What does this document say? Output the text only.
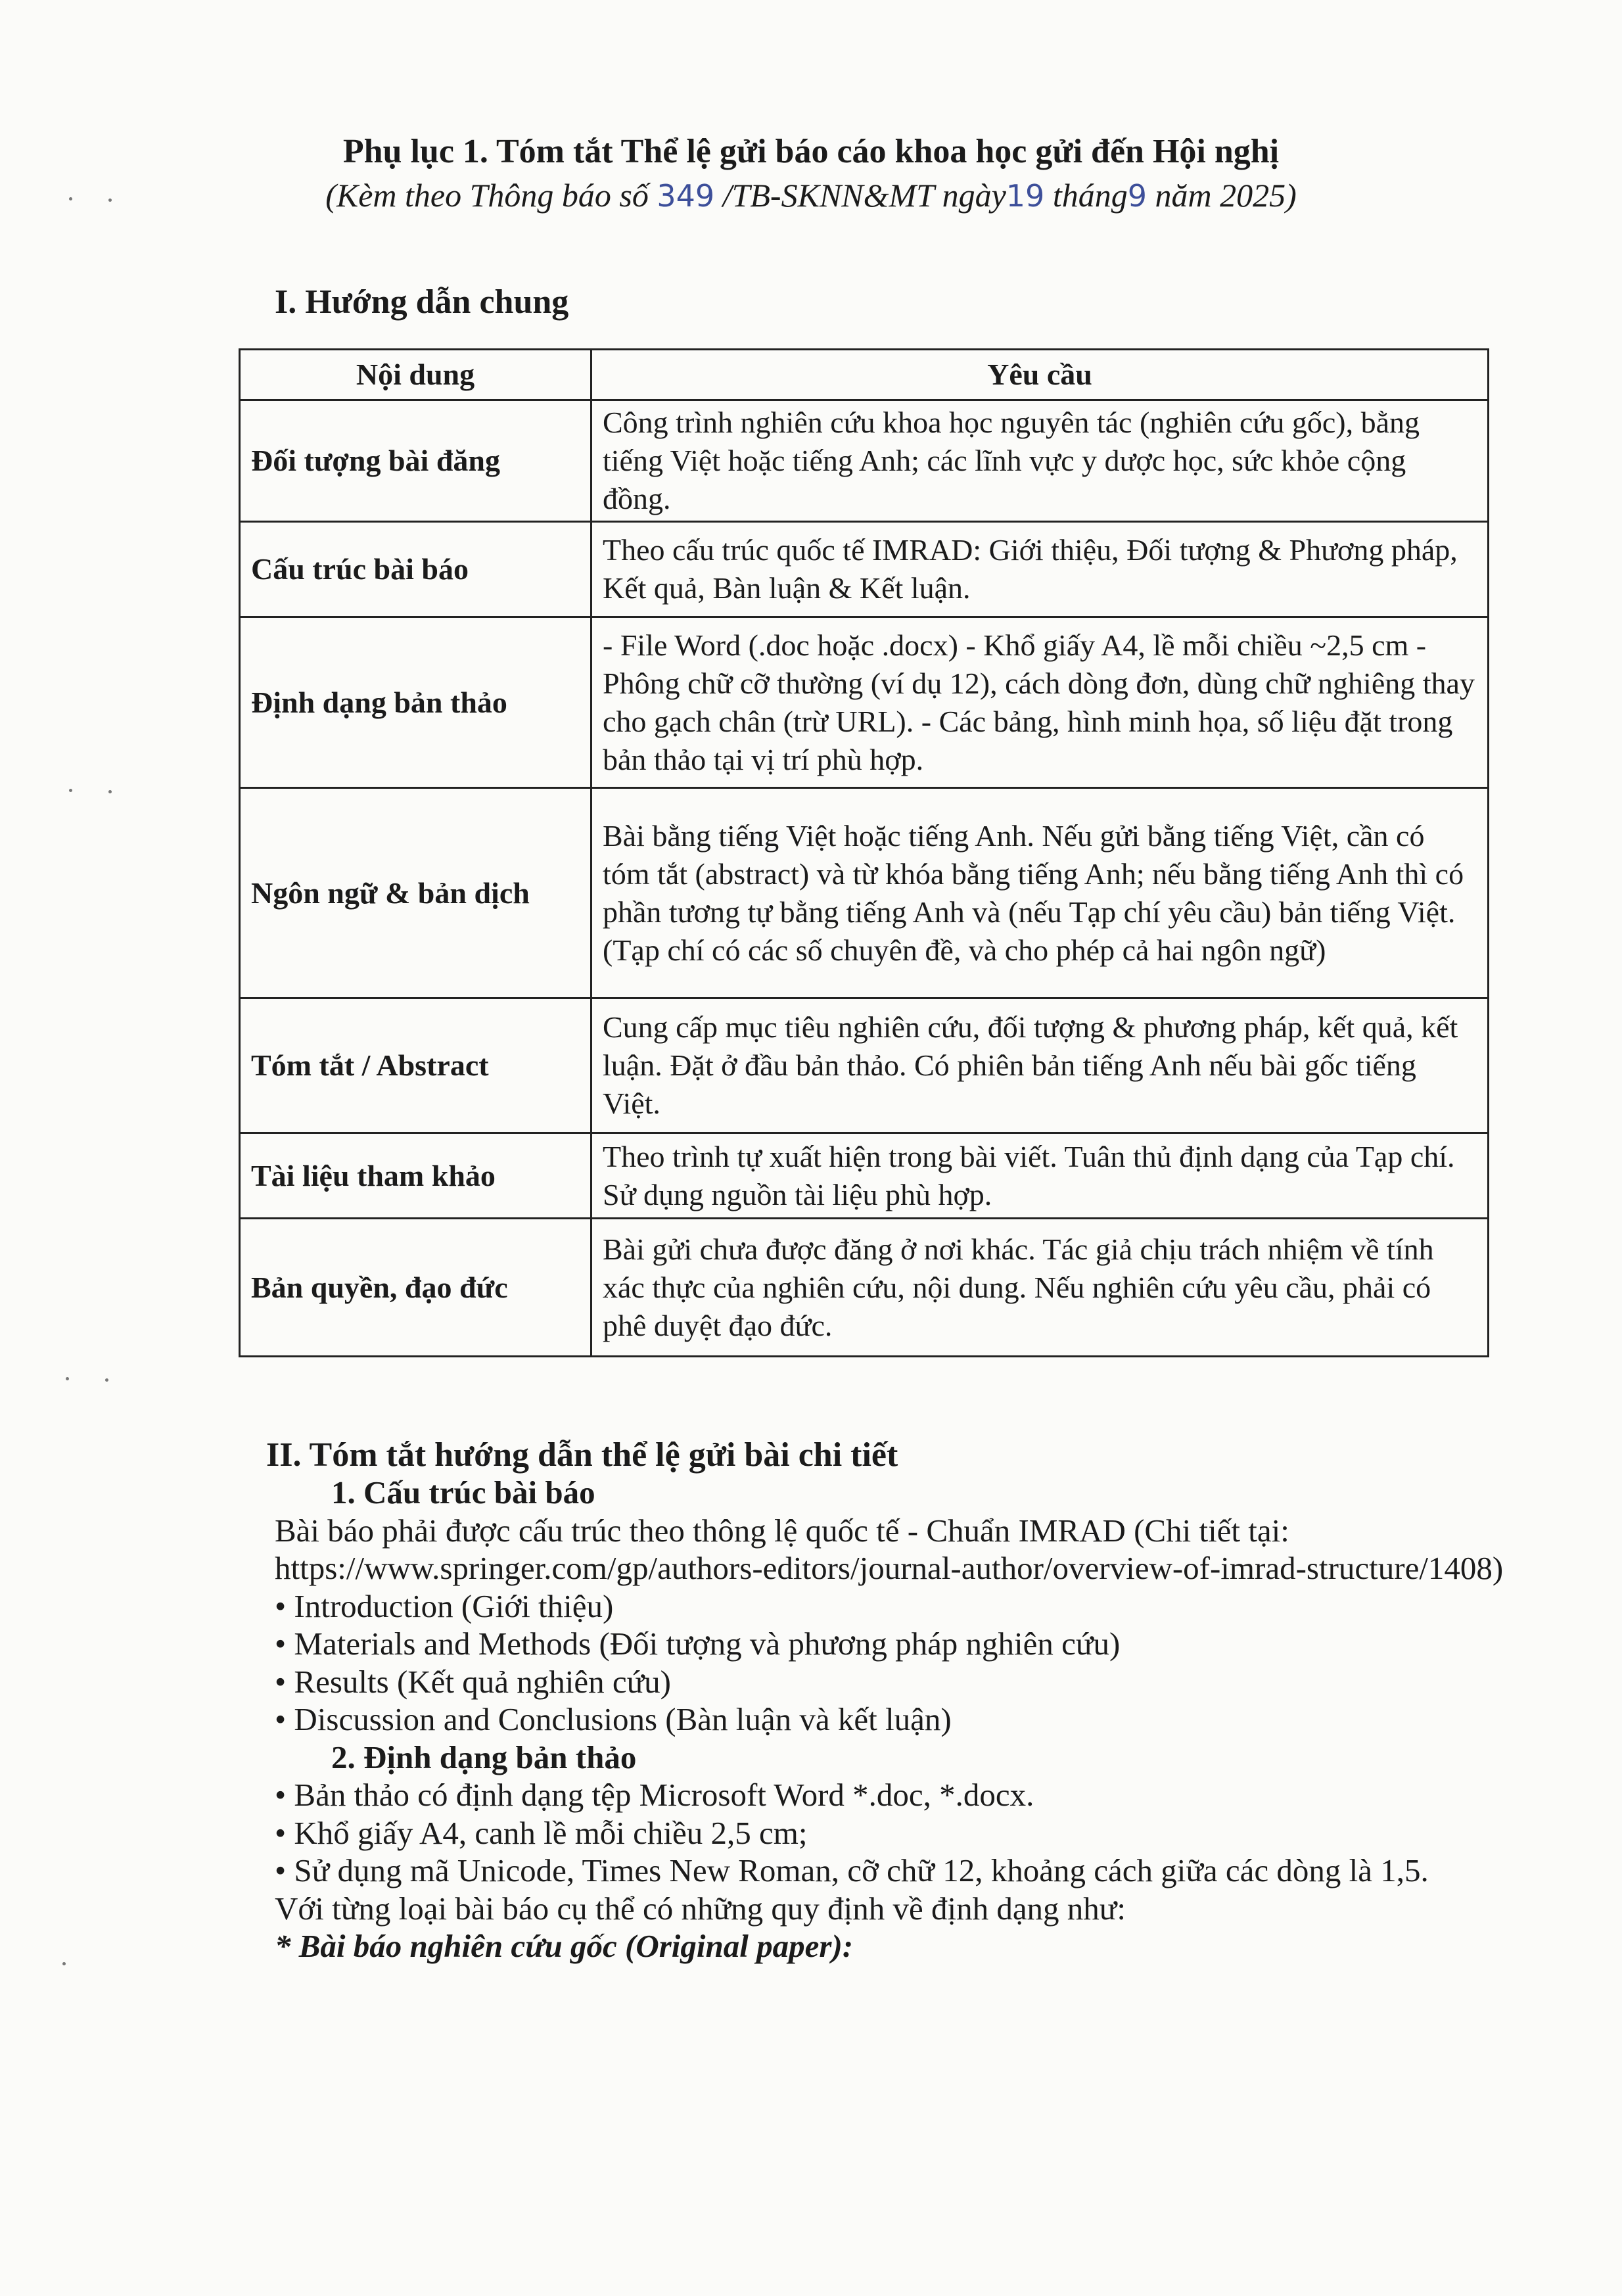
Phụ lục 1. Tóm tắt Thể lệ gửi báo cáo khoa học gửi đến Hội nghị
(Kèm theo Thông báo số 349 /TB-SKNN&MT ngày19 tháng9 năm 2025)
I. Hướng dẫn chung
Nội dung	Yêu cầu
Đối tượng bài đăng	Công trình nghiên cứu khoa học nguyên tác (nghiên cứu gốc), bằng tiếng Việt hoặc tiếng Anh; các lĩnh vực y dược học, sức khỏe cộng đồng.
Cấu trúc bài báo	Theo cấu trúc quốc tế IMRAD: Giới thiệu, Đối tượng & Phương pháp, Kết quả, Bàn luận & Kết luận.
Định dạng bản thảo	- File Word (.doc hoặc .docx) - Khổ giấy A4, lề mỗi chiều ~2,5 cm - Phông chữ cỡ thường (ví dụ 12), cách dòng đơn, dùng chữ nghiêng thay cho gạch chân (trừ URL). - Các bảng, hình minh họa, số liệu đặt trong bản thảo tại vị trí phù hợp.
Ngôn ngữ & bản dịch	Bài bằng tiếng Việt hoặc tiếng Anh. Nếu gửi bằng tiếng Việt, cần có tóm tắt (abstract) và từ khóa bằng tiếng Anh; nếu bằng tiếng Anh thì có phần tương tự bằng tiếng Anh và (nếu Tạp chí yêu cầu) bản tiếng Việt. (Tạp chí có các số chuyên đề, và cho phép cả hai ngôn ngữ)
Tóm tắt / Abstract	Cung cấp mục tiêu nghiên cứu, đối tượng & phương pháp, kết quả, kết luận. Đặt ở đầu bản thảo. Có phiên bản tiếng Anh nếu bài gốc tiếng Việt.
Tài liệu tham khảo	Theo trình tự xuất hiện trong bài viết. Tuân thủ định dạng của Tạp chí. Sử dụng nguồn tài liệu phù hợp.
Bản quyền, đạo đức	Bài gửi chưa được đăng ở nơi khác. Tác giả chịu trách nhiệm về tính xác thực của nghiên cứu, nội dung. Nếu nghiên cứu yêu cầu, phải có phê duyệt đạo đức.
II. Tóm tắt hướng dẫn thể lệ gửi bài chi tiết

1. Cấu trúc bài báo

Bài báo phải được cấu trúc theo thông lệ quốc tế - Chuẩn IMRAD (Chi tiết tại: https://www.springer.com/gp/authors-editors/journal-author/overview-of-imrad-structure/1408)

• Introduction (Giới thiệu)

• Materials and Methods (Đối tượng và phương pháp nghiên cứu)

• Results (Kết quả nghiên cứu)

• Discussion and Conclusions (Bàn luận và kết luận)

2. Định dạng bản thảo

• Bản thảo có định dạng tệp Microsoft Word *.doc, *.docx.

• Khổ giấy A4, canh lề mỗi chiều 2,5 cm;

• Sử dụng mã Unicode, Times New Roman, cỡ chữ 12, khoảng cách giữa các dòng là 1,5.

Với từng loại bài báo cụ thể có những quy định về định dạng như:

* Bài báo nghiên cứu gốc (Original paper):
